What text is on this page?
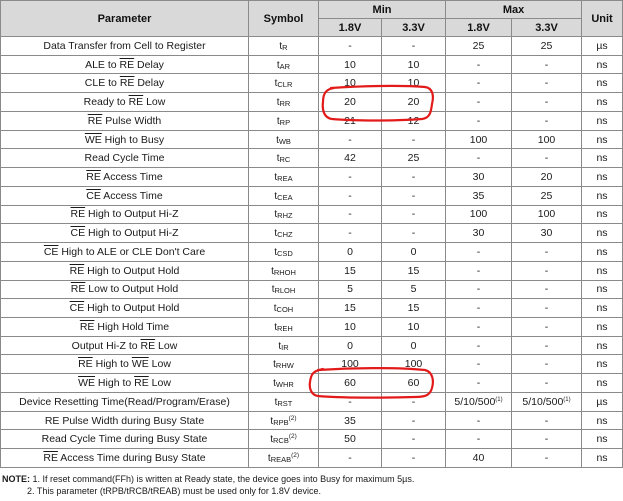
Parameter	Symbol	Min		Max		Unit
		1.8V	3.3V	1.8V	3.3V	
Data Transfer from Cell to Register	tR	-	-	25	25	µs
ALE to $\overline{RE}$ Delay	tAR	10	10	-	-	ns
CLE to $\overline{RE}$ Delay	tCLR	10	10	-	-	ns
Ready to $\overline{RE}$ Low	tRR	20	20	-	-	ns
$\overline{RE}$ Pulse Width	tRP	21	12	-	-	ns
$\overline{WE}$ High to Busy	tWB	-	-	100	100	ns
Read Cycle Time	tRC	42	25	-	-	ns
$\overline{RE}$ Access Time	tREA	-	-	30	20	ns
$\overline{CE}$ Access Time	tCEA	-	-	35	25	ns
$\overline{RE}$ High to Output Hi-Z	tRHZ	-	-	100	100	ns
$\overline{CE}$ High to Output Hi-Z	tCHZ	-	-	30	30	ns
$\overline{CE}$ High to ALE or CLE Don't Care	tCSD	0	0	-	-	ns
$\overline{RE}$ High to Output Hold	tRHOH	15	15	-	-	ns
$\overline{RE}$ Low to Output Hold	tRLOH	5	5	-	-	ns
$\overline{CE}$ High to Output Hold	tCOH	15	15	-	-	ns
$\overline{RE}$ High Hold Time	tREH	10	10	-	-	ns
Output Hi-Z to $\overline{RE}$ Low	tIR	0	0	-	-	ns
$\overline{RE}$ High to $\overline{WE}$ Low	tRHW	100	100	-	-	ns
$\overline{WE}$ High to $\overline{RE}$ Low	tWHR	60	60	-	-	ns
Device Resetting Time(Read/Program/Erase)	tRST	-	-	5/10/500$^{(1)}$	5/10/500$^{(1)}$	µs
RE Pulse Width during Busy State	tRPB$^{(2)}$	35	-	-	-	ns
Read Cycle Time during Busy State	tRCB$^{(2)}$	50	-	-	-	ns
$\overline{RE}$ Access Time during Busy State	tREAB$^{(2)}$	-	-	40	-	ns
NOTE: 1. If reset command(FFh) is written at Ready state, the device goes into Busy for maximum 5µs.
2. This parameter (tRPB/tRCB/tREAB) must be used only for 1.8V device.
